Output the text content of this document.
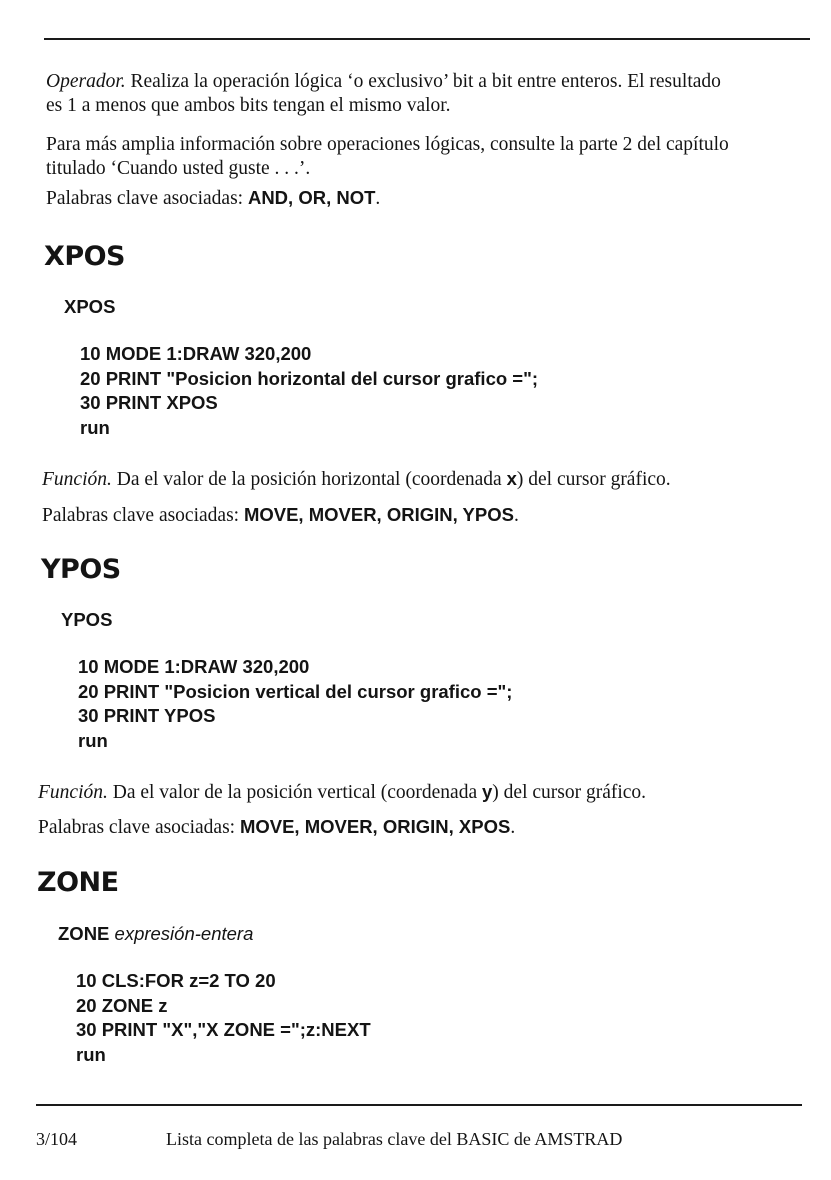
Operador. Realiza la operación lógica ‘o exclusivo’ bit a bit entre enteros. El resultado
es 1 a menos que ambos bits tengan el mismo valor.
Para más amplia información sobre operaciones lógicas, consulte la parte 2 del capítulo
titulado ‘Cuando usted guste . . .’.
Palabras clave asociadas: AND, OR, NOT.
XPOS
XPOS
10 MODE 1:DRAW 320,200
20 PRINT "Posicion horizontal del cursor grafico =";
30 PRINT XPOS
run
Función. Da el valor de la posición horizontal (coordenada x) del cursor gráfico.
Palabras clave asociadas: MOVE, MOVER, ORIGIN, YPOS.
YPOS
YPOS
10 MODE 1:DRAW 320,200
20 PRINT "Posicion vertical del cursor grafico =";
30 PRINT YPOS
run
Función. Da el valor de la posición vertical (coordenada y) del cursor gráfico.
Palabras clave asociadas: MOVE, MOVER, ORIGIN, XPOS.
ZONE
ZONE expresión-entera
10 CLS:FOR z=2 TO 20
20 ZONE z
30 PRINT "X","X ZONE =";z:NEXT
run
3/104	Lista completa de las palabras clave del BASIC de AMSTRAD
